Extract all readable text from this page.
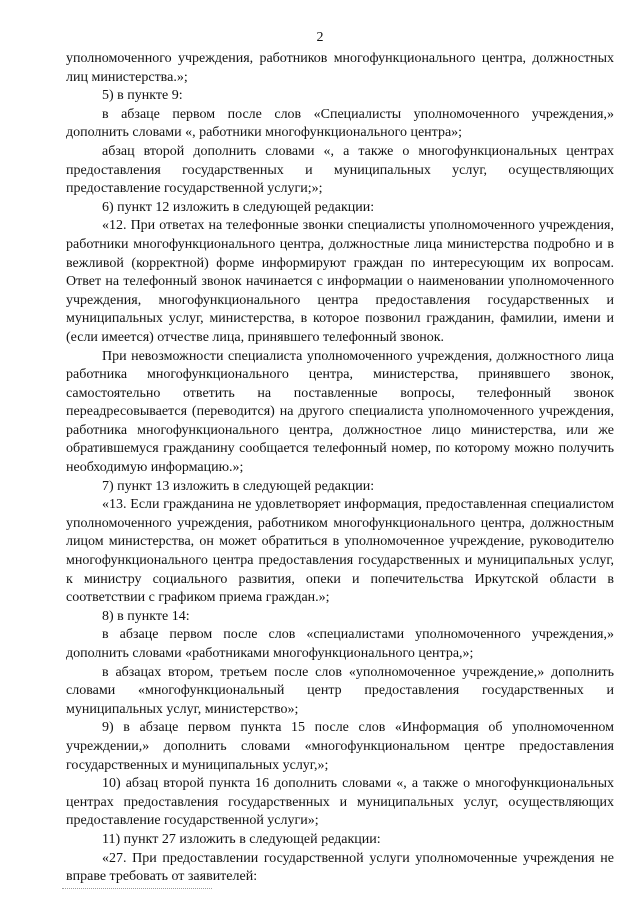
2

уполномоченного учреждения, работников многофункционального центра, должностных лиц министерства.»;

5) в пункте 9:

в абзаце первом после слов «Специалисты уполномоченного учреждения,» дополнить словами «, работники многофункционального центра»;

абзац второй дополнить словами «, а также о многофункциональных центрах предоставления государственных и муниципальных услуг, осуществляющих предоставление государственной услуги;»;

6) пункт 12 изложить в следующей редакции:

«12. При ответах на телефонные звонки специалисты уполномоченного учреждения, работники многофункционального центра, должностные лица министерства подробно и в вежливой (корректной) форме информируют граждан по интересующим их вопросам. Ответ на телефонный звонок начинается с информации о наименовании уполномоченного учреждения, многофункционального центра предоставления государственных и муниципальных услуг, министерства, в которое позвонил гражданин, фамилии, имени и (если имеется) отчестве лица, принявшего телефонный звонок.

При невозможности специалиста уполномоченного учреждения, должностного лица работника многофункционального центра, министерства, принявшего звонок, самостоятельно ответить на поставленные вопросы, телефонный звонок переадресовывается (переводится) на другого специалиста уполномоченного учреждения, работника многофункционального центра, должностное лицо министерства, или же обратившемуся гражданину сообщается телефонный номер, по которому можно получить необходимую информацию.»;

7) пункт 13 изложить в следующей редакции:

«13. Если гражданина не удовлетворяет информация, предоставленная специалистом уполномоченного учреждения, работником многофункционального центра, должностным лицом министерства, он может обратиться в уполномоченное учреждение, руководителю многофункционального центра предоставления государственных и муниципальных услуг, к министру социального развития, опеки и попечительства Иркутской области в соответствии с графиком приема граждан.»;

8) в пункте 14:

в абзаце первом после слов «специалистами уполномоченного учреждения,» дополнить словами «работниками многофункционального центра,»;

в абзацах втором, третьем после слов «уполномоченное учреждение,» дополнить словами «многофункциональный центр предоставления государственных и муниципальных услуг, министерство»;

9) в абзаце первом пункта 15 после слов «Информация об уполномоченном учреждении,» дополнить словами «многофункциональном центре предоставления государственных и муниципальных услуг,»;

10) абзац второй пункта 16 дополнить словами «, а также о многофункциональных центрах предоставления государственных и муниципальных услуг, осуществляющих предоставление государственной услуги»;

11) пункт 27 изложить в следующей редакции:

«27. При предоставлении государственной услуги уполномоченные учреждения не вправе требовать от заявителей:
